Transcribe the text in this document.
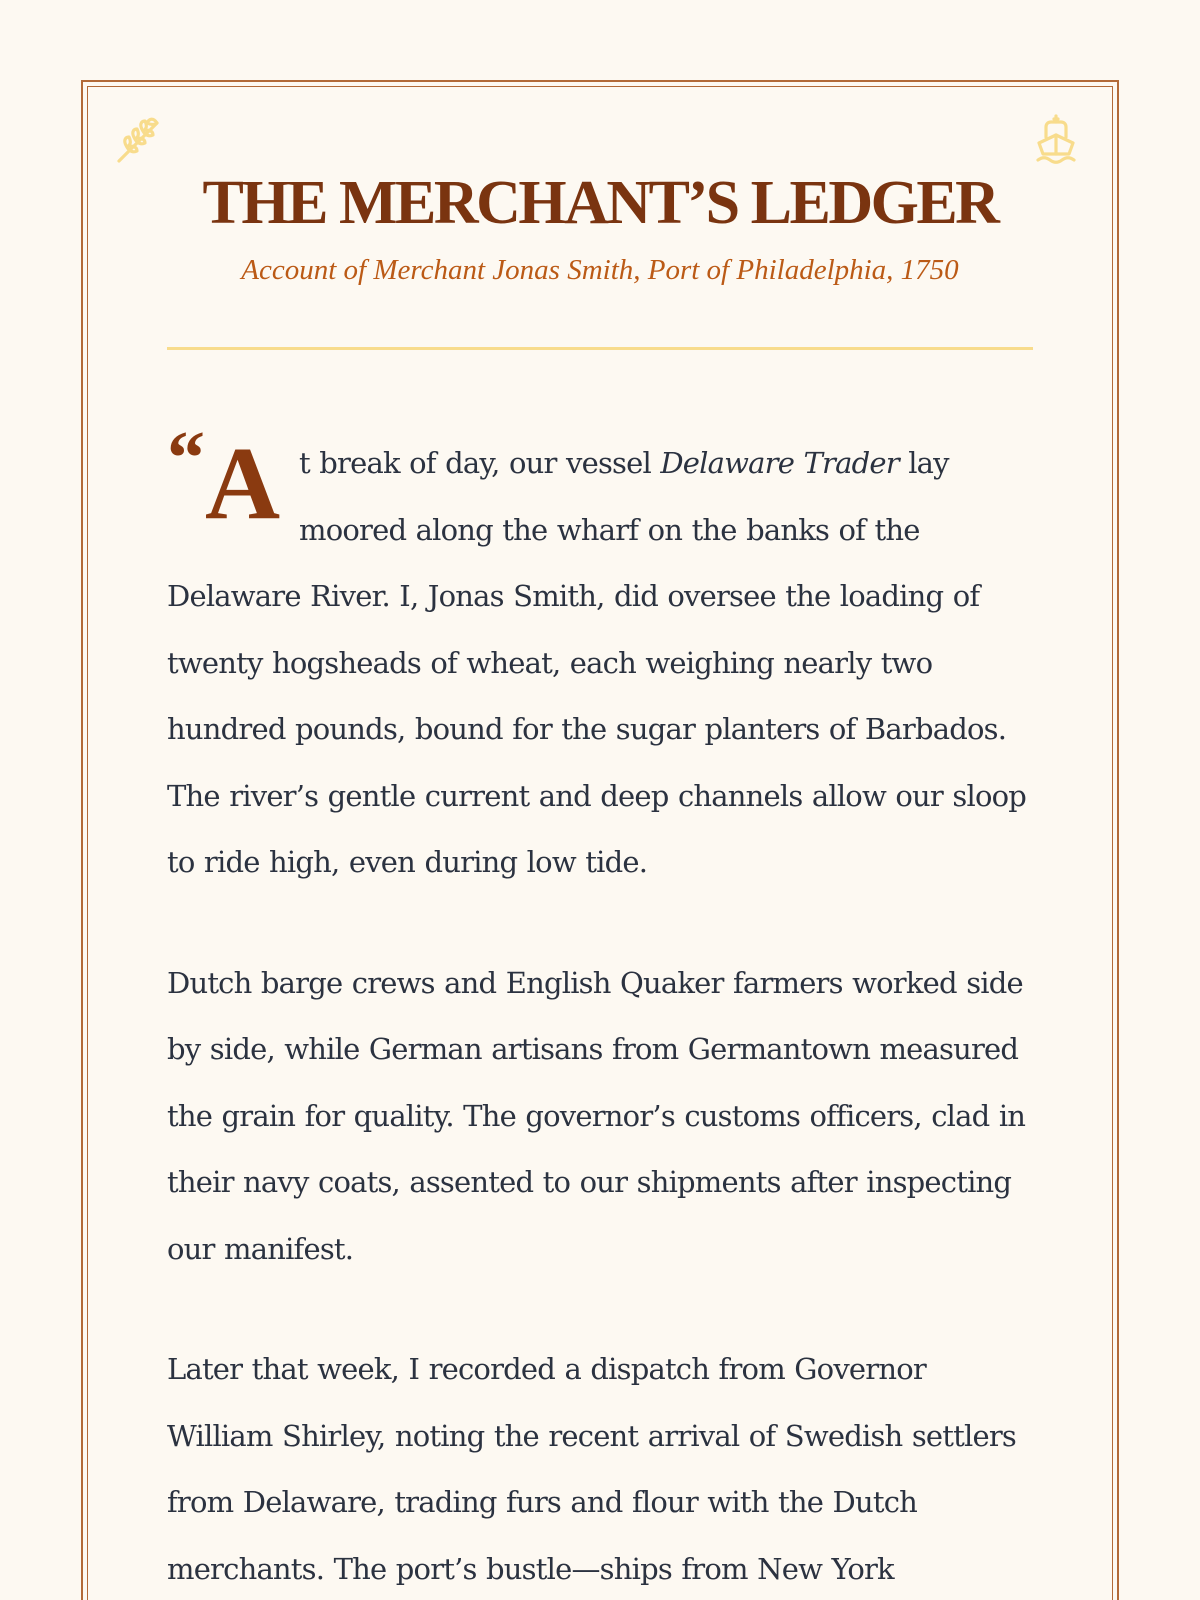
THE MERCHANT’S LEDGER

Account of Merchant Jonas Smith, Port of Philadelphia, 1750

“ A t break of day, our vessel Delaware Trader lay moored along the wharf on the banks of the Delaware River. I, Jonas Smith, did oversee the loading of twenty hogsheads of wheat, each weighing nearly two hundred pounds, bound for the sugar planters of Barbados. The river’s gentle current and deep channels allow our sloop to ride high, even during low tide.

Dutch barge crews and English Quaker farmers worked side by side, while German artisans from Germantown measured the grain for quality. The governor’s customs officers, clad in their navy coats, assented to our shipments after inspecting our manifest.

Later that week, I recorded a dispatch from Governor William Shirley, noting the recent arrival of Swedish settlers from Delaware, trading furs and flour with the Dutch merchants. The port’s bustle—ships from New York
